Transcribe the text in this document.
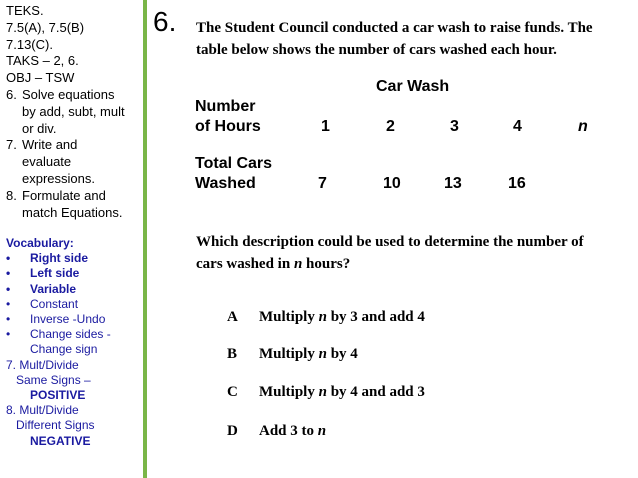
TEKS.
7.5(A), 7.5(B)
7.13(C).
TAKS – 2, 6.
OBJ – TSW
6. Solve equations
by add, subt, mult
or div.
7. Write and
evaluate
expressions.
8. Formulate and
match Equations.
Vocabulary:
• Right side
• Left side
• Variable
• Constant
• Inverse -Undo
• Change sides -
Change sign
7. Mult/Divide
Same Signs –
POSITIVE
8. Mult/Divide
Different Signs
NEGATIVE
6. The Student Council conducted a car wash to raise funds. The
table below shows the number of cars washed each hour.
Car Wash
Number
of Hours	1	2	3	4	n
Total Cars
Washed	7	10	13	16
Which description could be used to determine the number of
cars washed in n hours?
A Multiply n by 3 and add 4
B Multiply n by 4
C Multiply n by 4 and add 3
D Add 3 to n
